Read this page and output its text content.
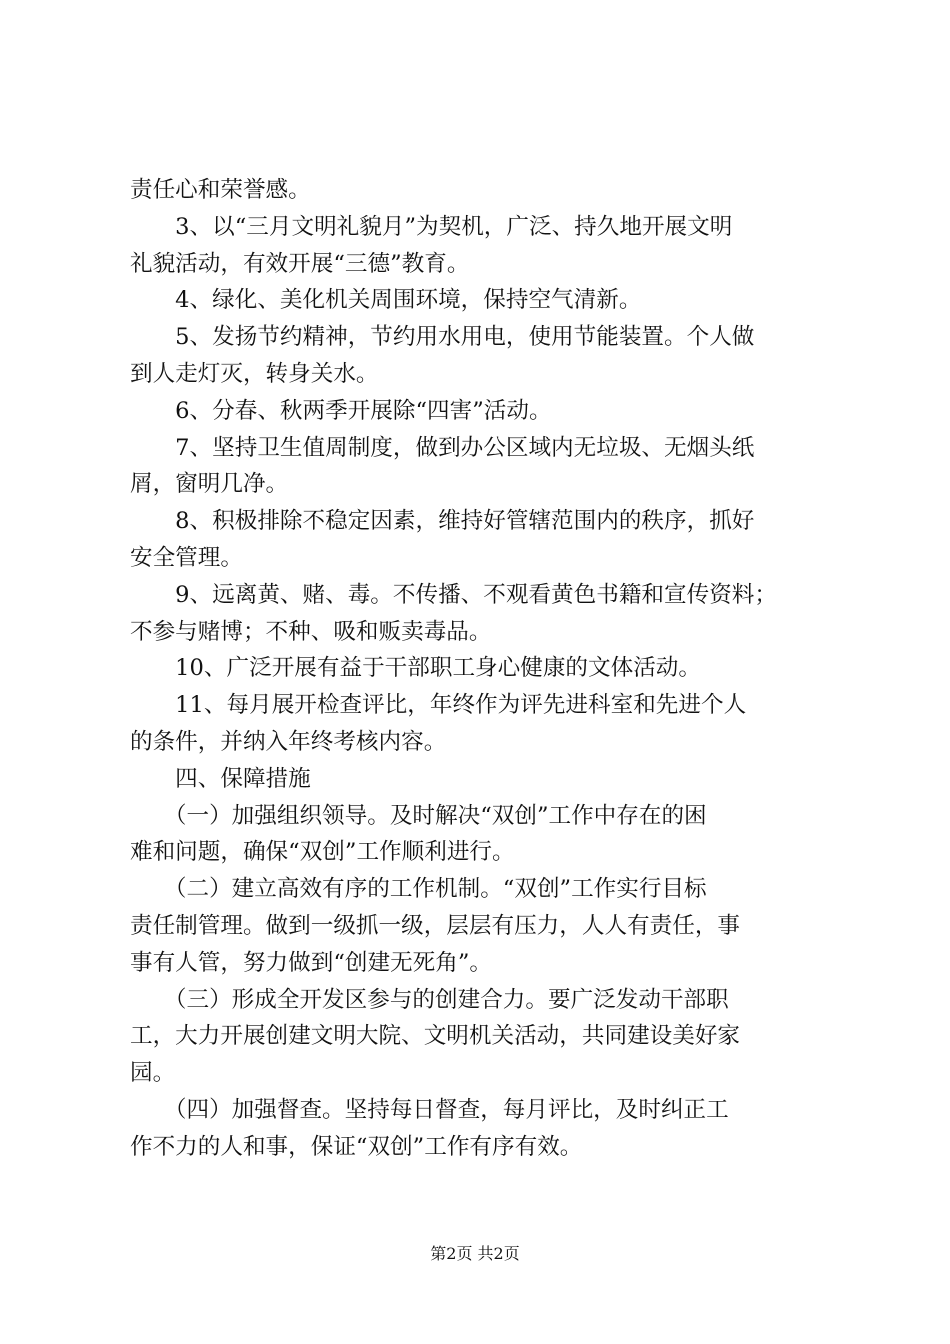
责任心和荣誉感。
　　3、以“三月文明礼貌月”为契机，广泛、持久地开展文明
礼貌活动，有效开展“三德”教育。
　　4、绿化、美化机关周围环境，保持空气清新。
　　5、发扬节约精神，节约用水用电，使用节能装置。个人做
到人走灯灭，转身关水。
　　6、分春、秋两季开展除“四害”活动。
　　7、坚持卫生值周制度，做到办公区域内无垃圾、无烟头纸
屑，窗明几净。
　　8、积极排除不稳定因素，维持好管辖范围内的秩序，抓好
安全管理。
　　9、远离黄、赌、毒。不传播、不观看黄色书籍和宣传资料；
不参与赌博；不种、吸和贩卖毒品。
　　10、广泛开展有益于干部职工身心健康的文体活动。
　　11、每月展开检查评比，年终作为评先进科室和先进个人
的条件，并纳入年终考核内容。
　　四、保障措施
　　（一）加强组织领导。及时解决“双创”工作中存在的困
难和问题，确保“双创”工作顺利进行。
　　（二）建立高效有序的工作机制。“双创”工作实行目标
责任制管理。做到一级抓一级，层层有压力，人人有责任，事
事有人管，努力做到“创建无死角”。
　　（三）形成全开发区参与的创建合力。要广泛发动干部职
工，大力开展创建文明大院、文明机关活动，共同建设美好家
园。
　　（四）加强督查。坚持每日督查，每月评比，及时纠正工
作不力的人和事，保证“双创”工作有序有效。
第2页 共2页
